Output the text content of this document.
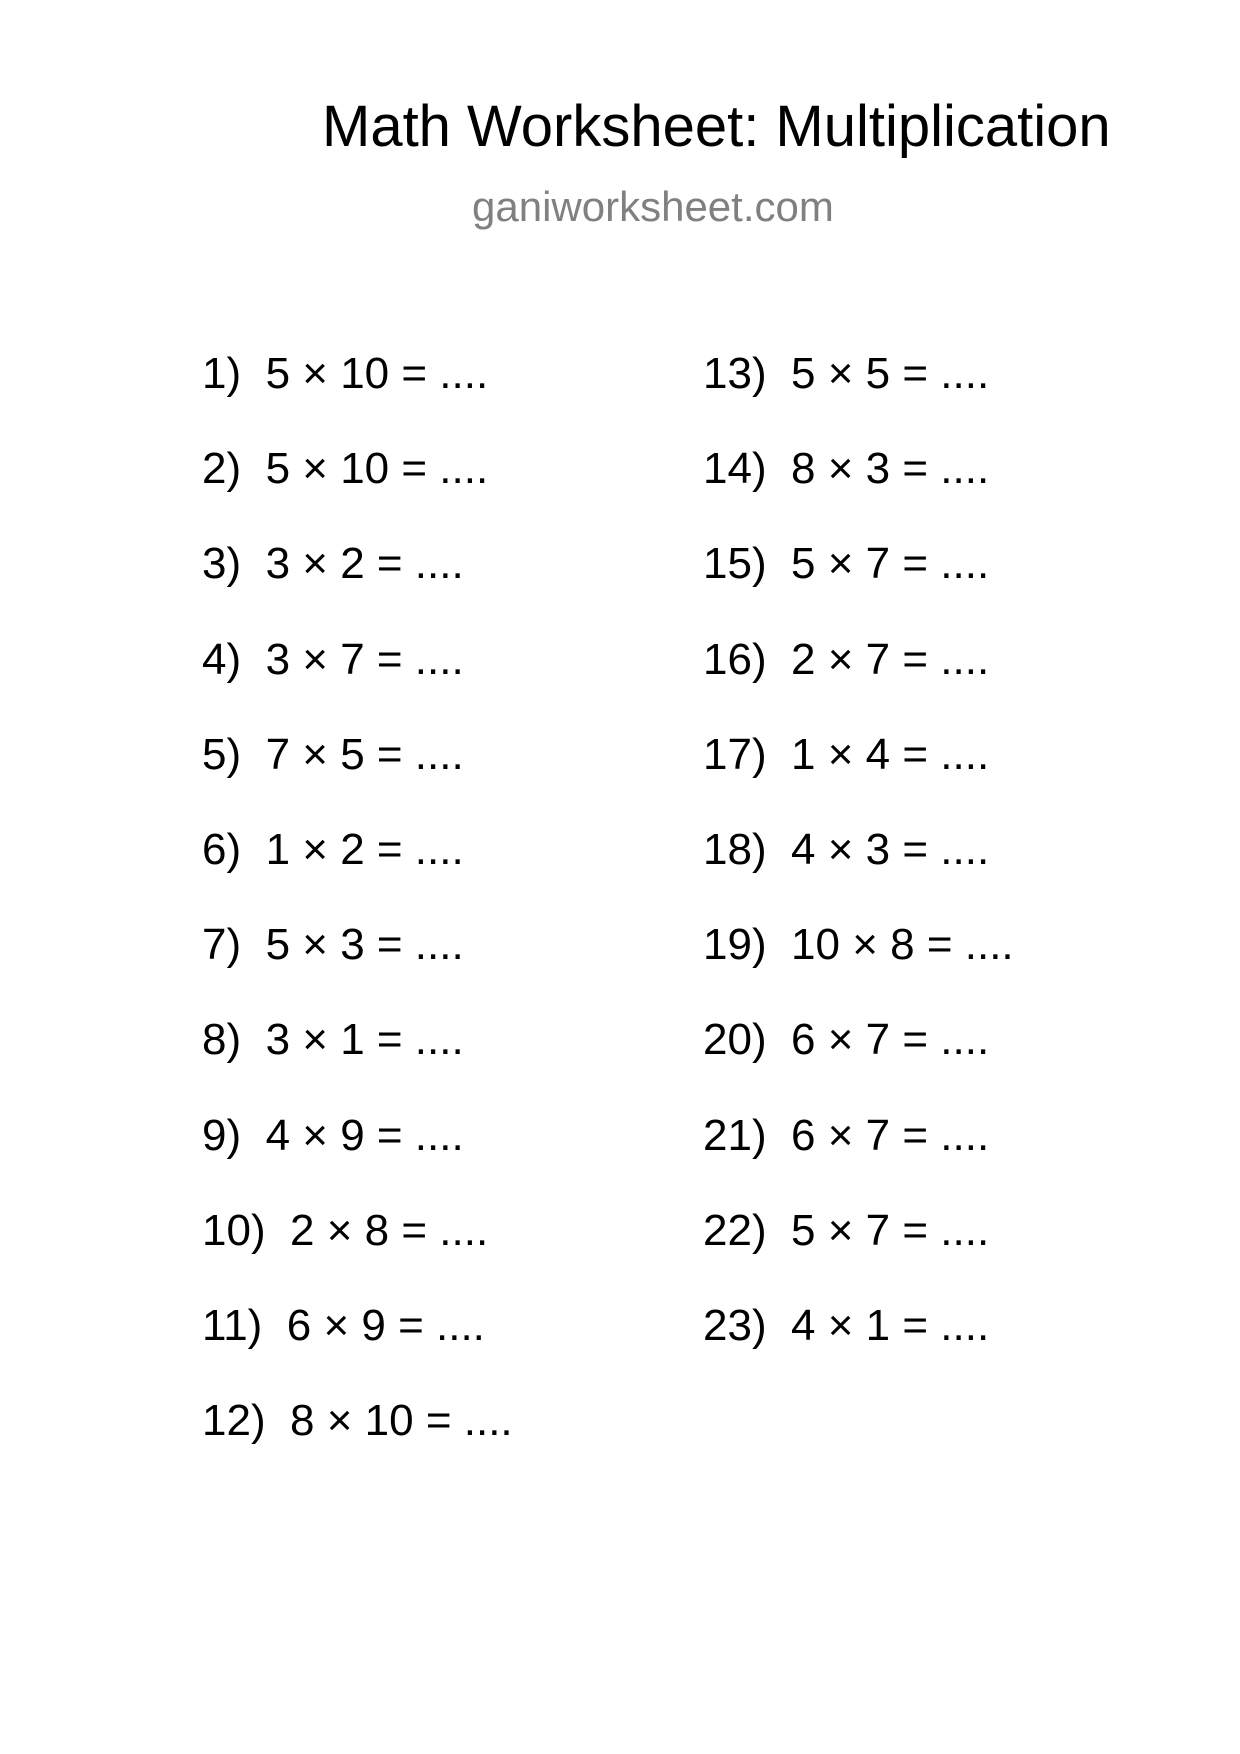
Math Worksheet: Multiplication
ganiworksheet.com
1)  5 × 10 = ....
2)  5 × 10 = ....
3)  3 × 2 = ....
4)  3 × 7 = ....
5)  7 × 5 = ....
6)  1 × 2 = ....
7)  5 × 3 = ....
8)  3 × 1 = ....
9)  4 × 9 = ....
10)  2 × 8 = ....
11)  6 × 9 = ....
12)  8 × 10 = ....
13)  5 × 5 = ....
14)  8 × 3 = ....
15)  5 × 7 = ....
16)  2 × 7 = ....
17)  1 × 4 = ....
18)  4 × 3 = ....
19)  10 × 8 = ....
20)  6 × 7 = ....
21)  6 × 7 = ....
22)  5 × 7 = ....
23)  4 × 1 = ....
